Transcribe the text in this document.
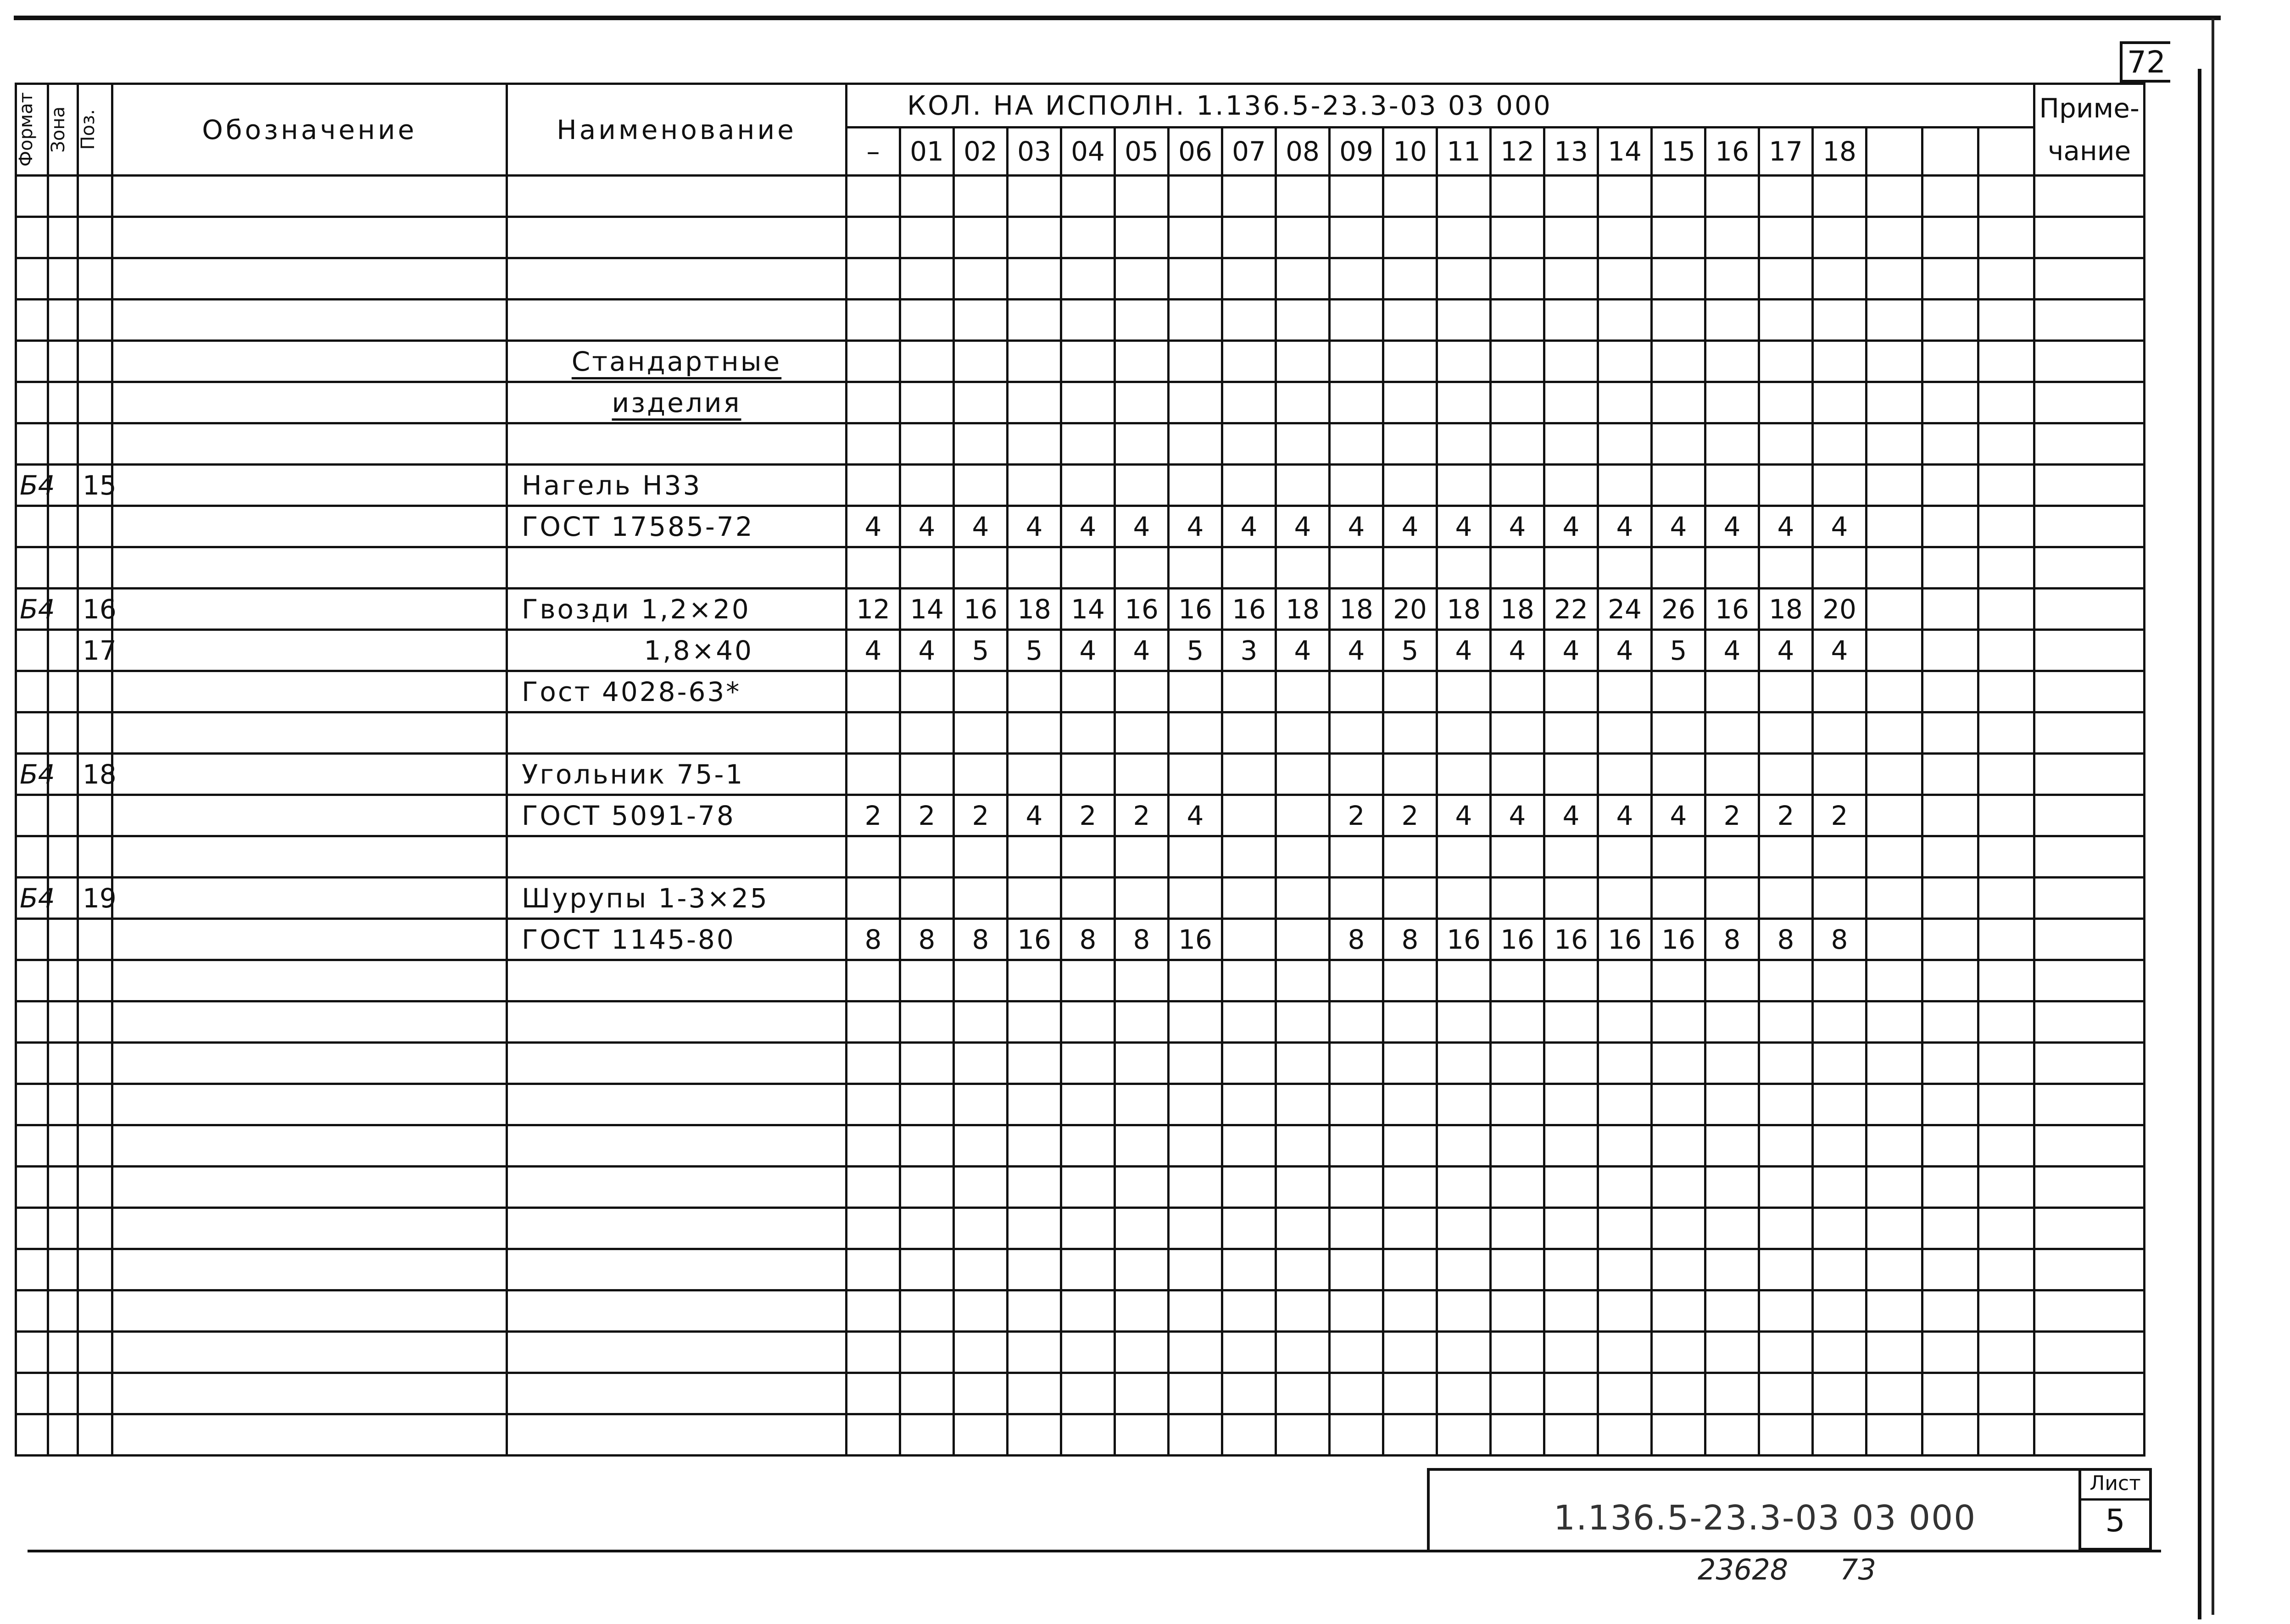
72
Формат	Зона	Поз.	Обозначение	Наименование	КОЛ. НА ИСПОЛН. 1.136.5-23.3-03 03 000																						Приме-чание
					–	01	02	03	04	05	06	07	08	09	10	11	12	13	14	15	16	17	18				

				Стандартные																							
				изделия																							

Б4		15		Нагель Н33																							
				ГОСТ 17585-72	4	4	4	4	4	4	4	4	4	4	4	4	4	4	4	4	4	4	4				

Б4		16		Гвозди 1,2×20	12	14	16	18	14	16	16	16	18	18	20	18	18	22	24	26	16	18	20				
		17		1,8×40	4	4	5	5	4	4	5	3	4	4	5	4	4	4	4	5	4	4	4				
				Гост 4028-63*																							

Б4		18		Угольник 75-1																							
				ГОСТ 5091-78	2	2	2	4	2	2	4			2	2	4	4	4	4	4	2	2	2				

Б4		19		Шурупы 1-3×25																							
				ГОСТ 1145-80	8	8	8	16	8	8	16			8	8	16	16	16	16	16	8	8	8				

1.136.5-23.3-03 03 000
Лист
5
23628 73
